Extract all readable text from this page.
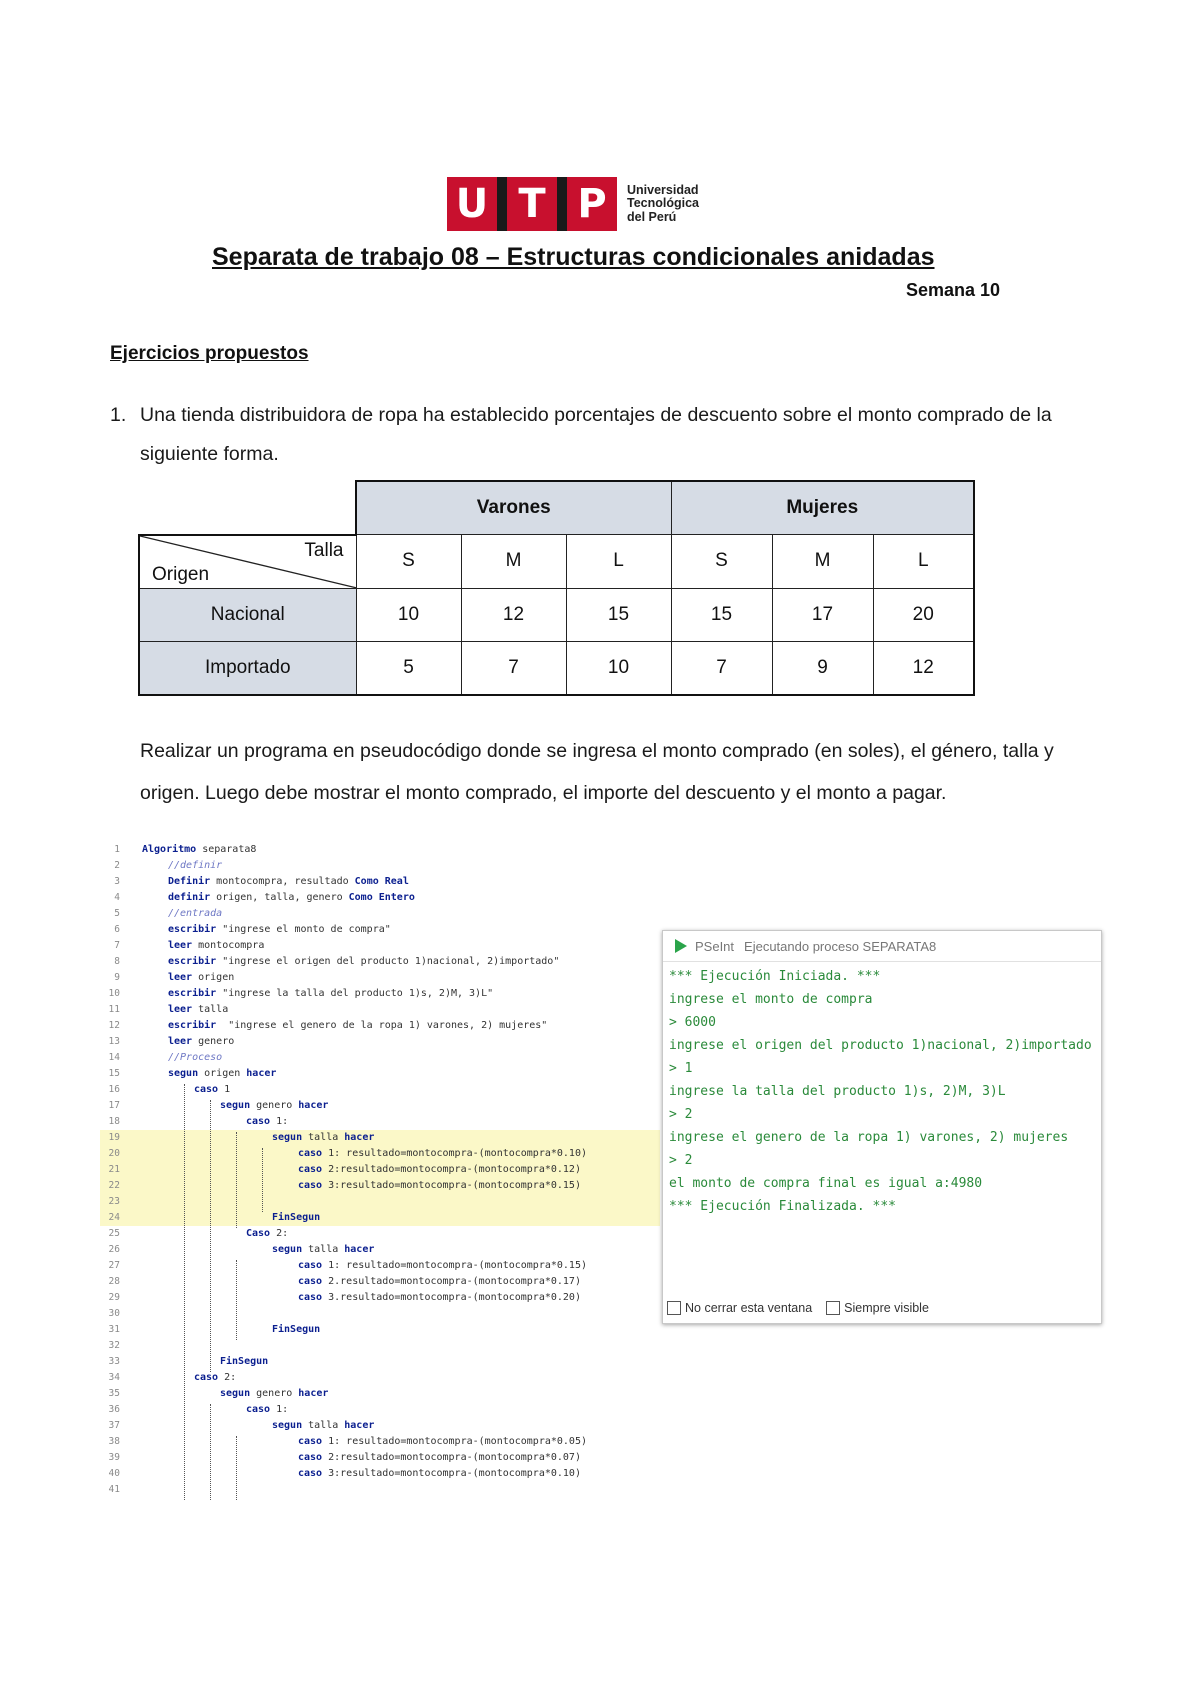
U T P	Universidad
Tecnológica
del Perú
Separata de trabajo 08 – Estructuras condicionales anidadas
Semana 10
Ejercicios propuestos
1. Una tienda distribuidora de ropa ha establecido porcentajes de descuento sobre el monto comprado de la
siguiente forma.
	Varones			Mujeres		

Talla
Origen	S	M	L	S	M	L
Nacional	10	12	15	15	17	20
Importado	5	7	10	7	9	12
Realizar un programa en pseudocódigo donde se ingresa el monto comprado (en soles), el género, talla y
origen. Luego debe mostrar el monto comprado, el importe del descuento y el monto a pagar.
1 Algoritmo separata8
2	//definir
3	Definir montocompra, resultado Como Real
4	definir origen, talla, genero Como Entero
5	//entrada
6	escribir "ingrese el monto de compra"
7	leer montocompra
8	escribir "ingrese el origen del producto 1)nacional, 2)importado"
9	leer origen
10	escribir "ingrese la talla del producto 1)s, 2)M, 3)L"
11	leer talla
12	escribir  "ingrese el genero de la ropa 1) varones, 2) mujeres"
13	leer genero
14	//Proceso
15	segun origen hacer
16	caso 1
17	segun genero hacer
18	caso 1:
19	segun talla hacer
20	caso 1: resultado=montocompra-(montocompra*0.10)
21	caso 2:resultado=montocompra-(montocompra*0.12)
22	caso 3:resultado=montocompra-(montocompra*0.15)
23
24	FinSegun
25	Caso 2:
26	segun talla hacer
27	caso 1: resultado=montocompra-(montocompra*0.15)
28	caso 2.resultado=montocompra-(montocompra*0.17)
29	caso 3.resultado=montocompra-(montocompra*0.20)
30
31	FinSegun
32
33	FinSegun
34	caso 2:
35	segun genero hacer
36	caso 1:
37	segun talla hacer
38	caso 1: resultado=montocompra-(montocompra*0.05)
39	caso 2:resultado=montocompra-(montocompra*0.07)
40	caso 3:resultado=montocompra-(montocompra*0.10)
41
PSeInt Ejecutando proceso SEPARATA8
*** Ejecución Iniciada. ***
ingrese el monto de compra
> 6000
ingrese el origen del producto 1)nacional, 2)importado
> 1
ingrese la talla del producto 1)s, 2)M, 3)L
> 2
ingrese el genero de la ropa 1) varones, 2) mujeres
> 2
el monto de compra final es igual a:4980
*** Ejecución Finalizada. ***
No cerrar esta ventana	Siempre visible
